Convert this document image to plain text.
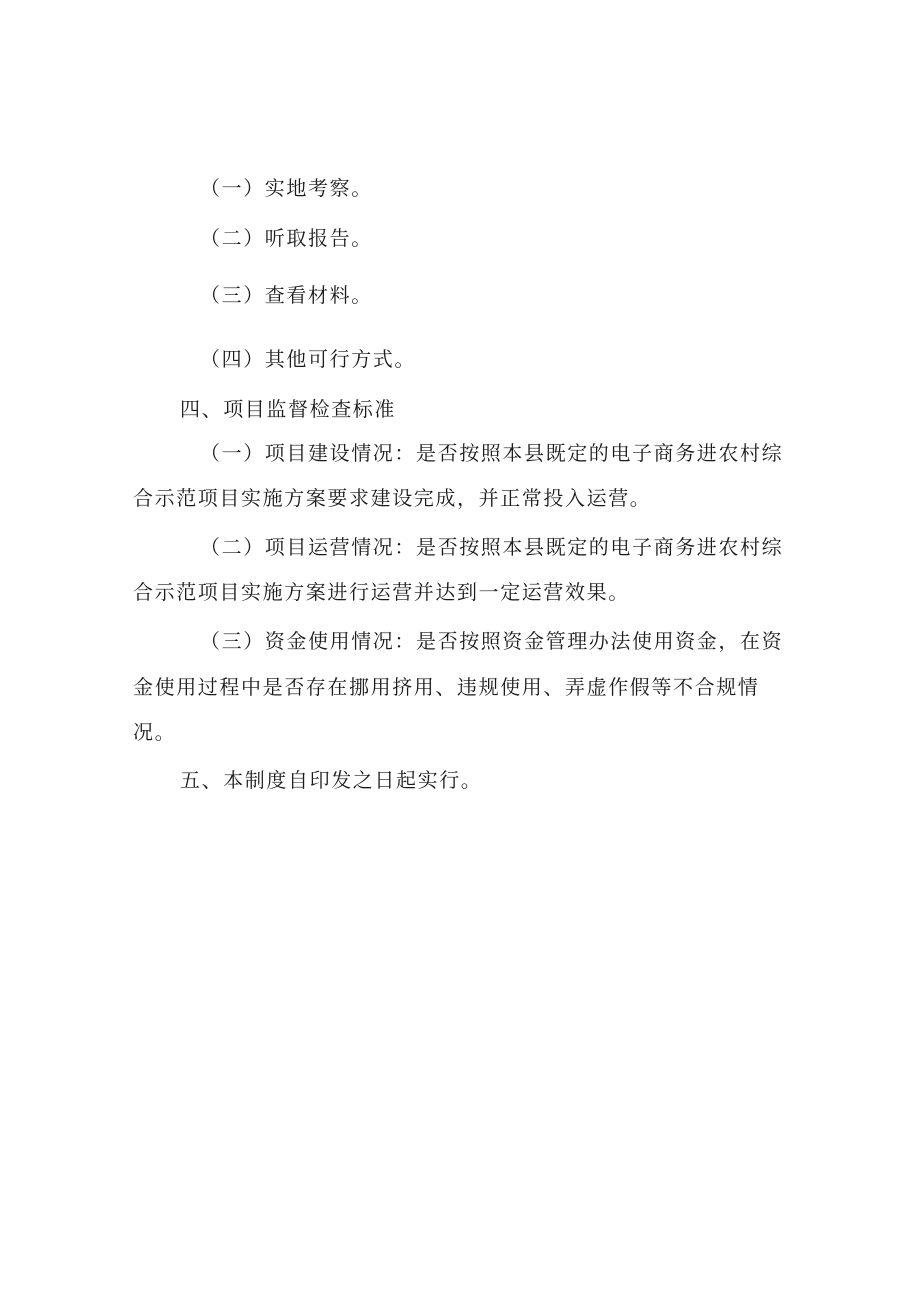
（一）实地考察。
（二）听取报告。
（三）查看材料。
（四）其他可行方式。
四、项目监督检查标准
（一）项目建设情况：是否按照本县既定的电子商务进农村综
合示范项目实施方案要求建设完成，并正常投入运营。
（二）项目运营情况：是否按照本县既定的电子商务进农村综
合示范项目实施方案进行运营并达到一定运营效果。
（三）资金使用情况：是否按照资金管理办法使用资金，在资
金使用过程中是否存在挪用挤用、违规使用、弄虚作假等不合规情
况。
五、本制度自印发之日起实行。
